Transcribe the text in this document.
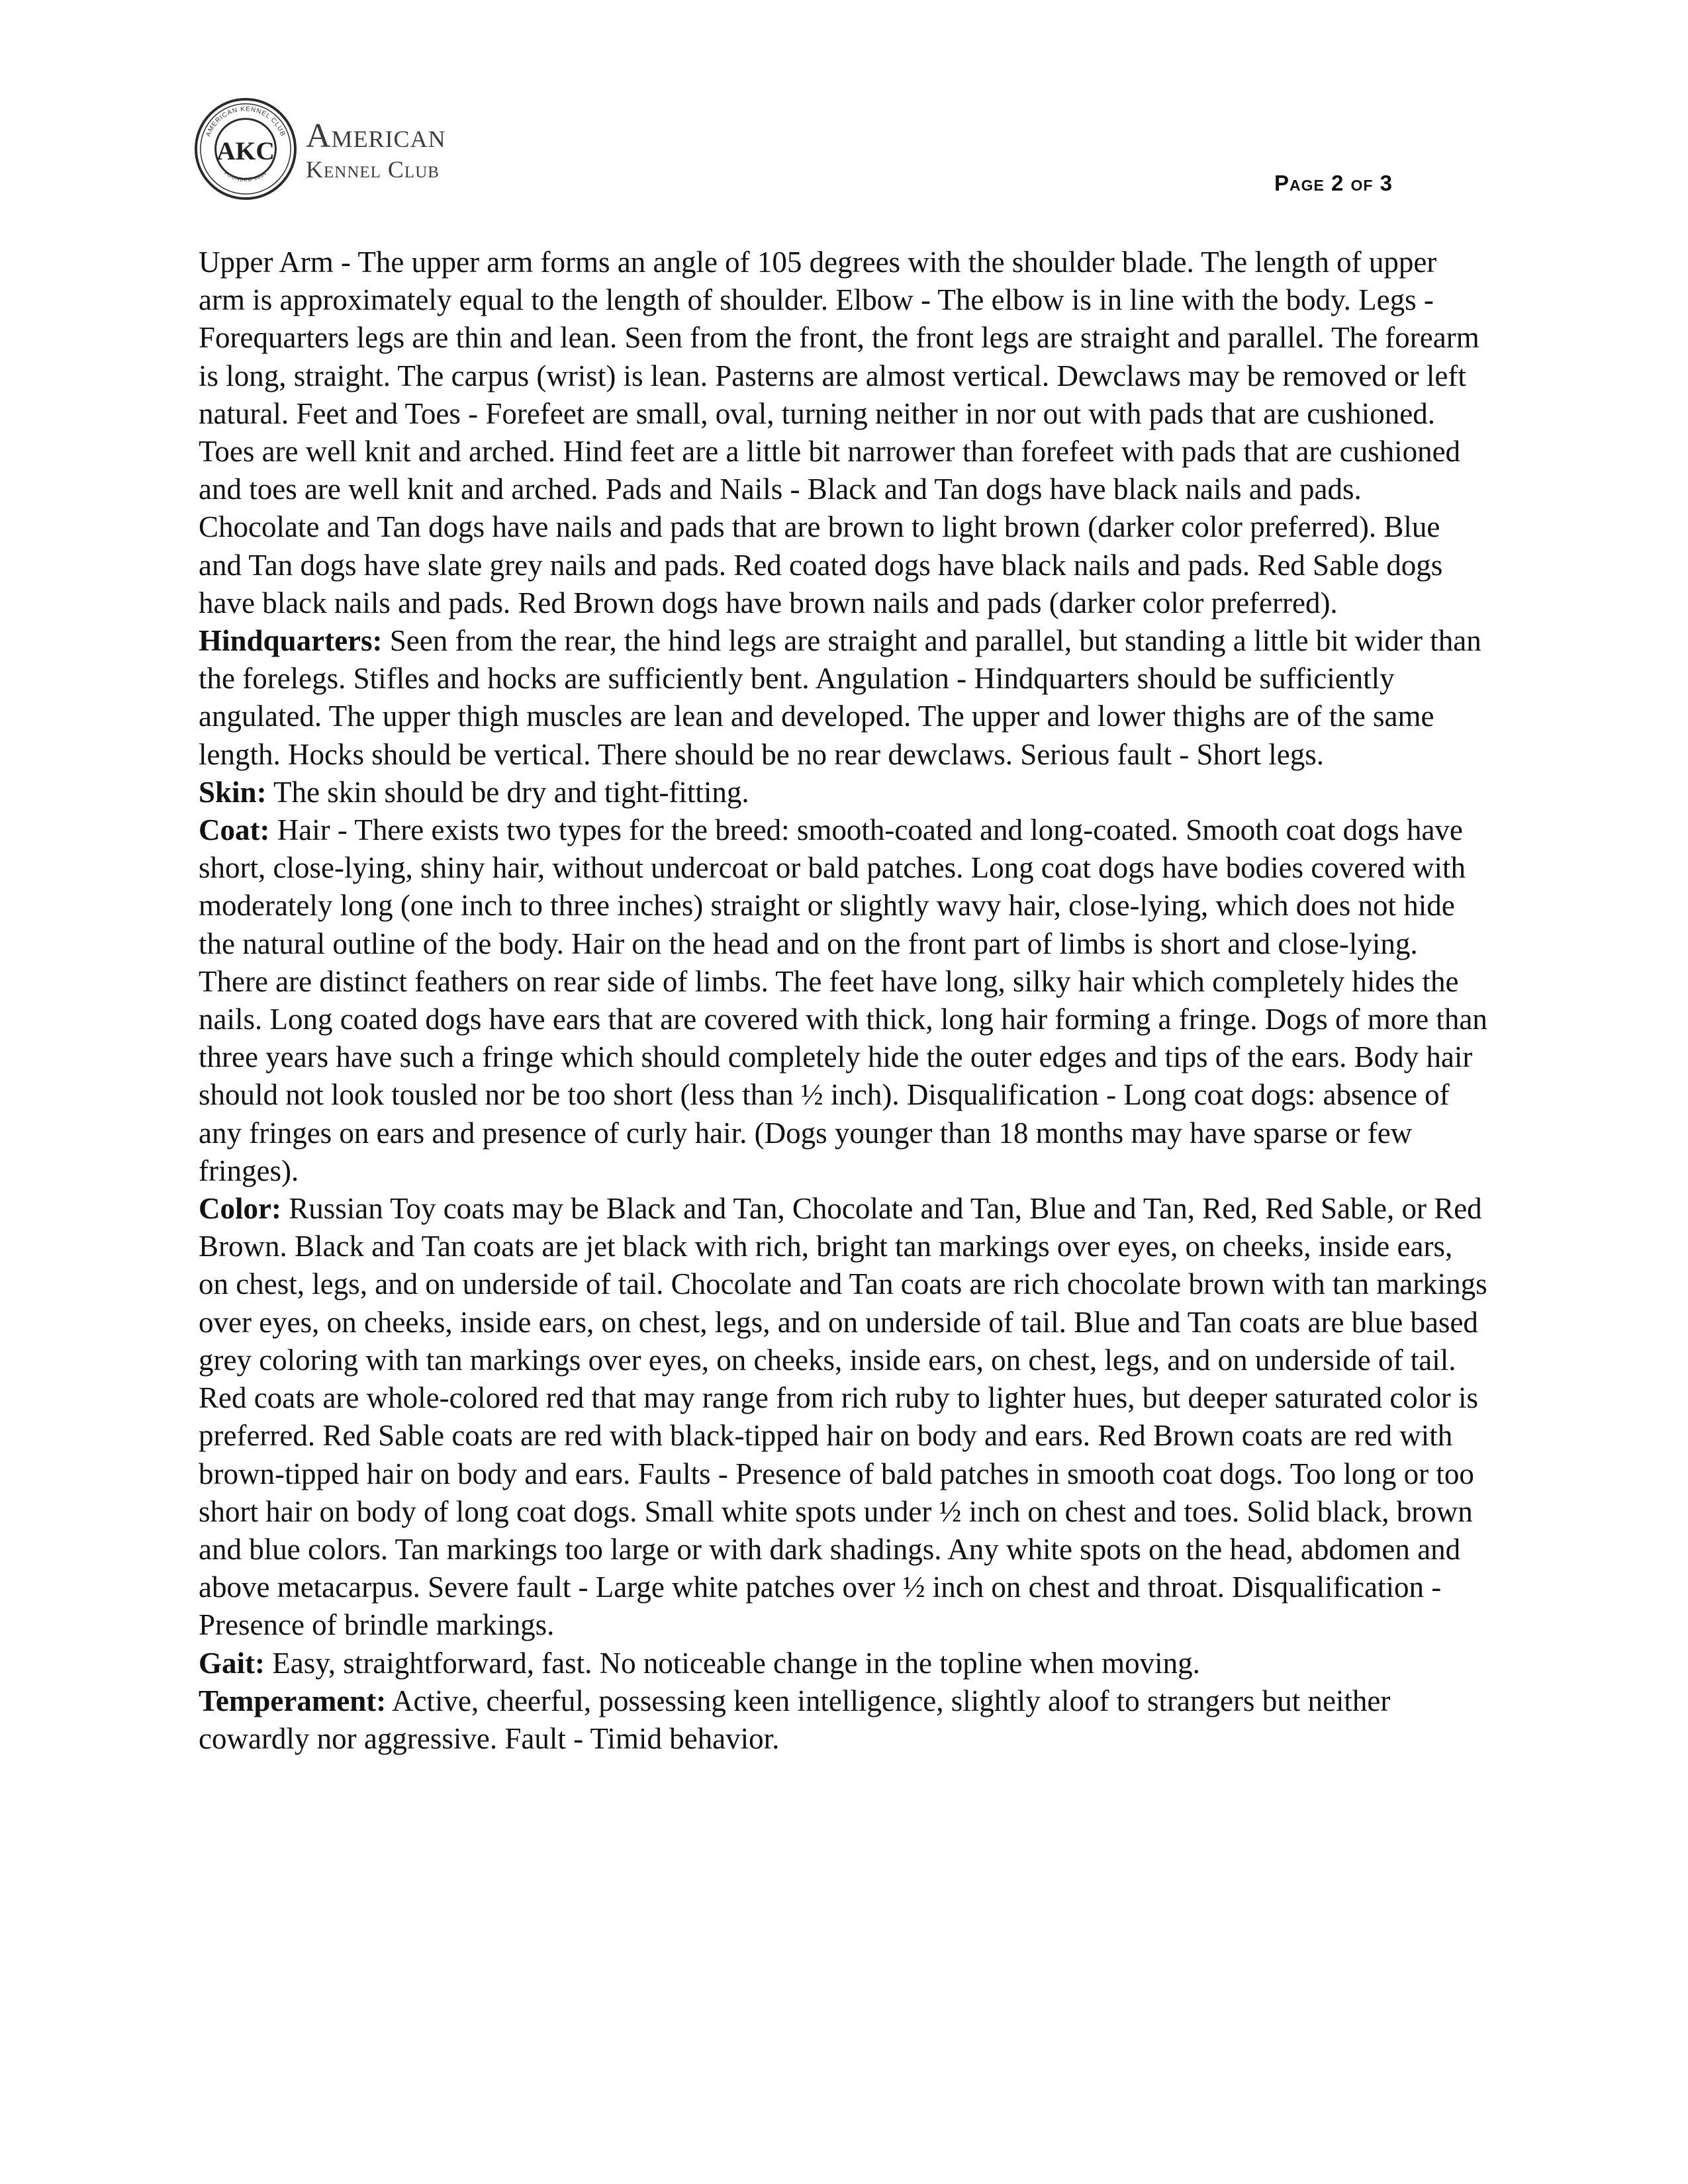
AMERICAN KENNEL CLUB
FOUNDED 1884
AKC American
Kennel Club
Page 2 of 3

Upper Arm - The upper arm forms an angle of 105 degrees with the shoulder blade. The length of upper arm is approximately equal to the length of shoulder. Elbow - The elbow is in line with the body. Legs - Forequarters legs are thin and lean. Seen from the front, the front legs are straight and parallel. The forearm is long, straight. The carpus (wrist) is lean. Pasterns are almost vertical. Dewclaws may be removed or left natural. Feet and Toes - Forefeet are small, oval, turning neither in nor out with pads that are cushioned. Toes are well knit and arched. Hind feet are a little bit narrower than forefeet with pads that are cushioned and toes are well knit and arched. Pads and Nails - Black and Tan dogs have black nails and pads. Chocolate and Tan dogs have nails and pads that are brown to light brown (darker color preferred). Blue and Tan dogs have slate grey nails and pads. Red coated dogs have black nails and pads. Red Sable dogs have black nails and pads. Red Brown dogs have brown nails and pads (darker color preferred).

Hindquarters: Seen from the rear, the hind legs are straight and parallel, but standing a little bit wider than the forelegs. Stifles and hocks are sufficiently bent. Angulation - Hindquarters should be sufficiently angulated. The upper thigh muscles are lean and developed. The upper and lower thighs are of the same length. Hocks should be vertical. There should be no rear dewclaws. Serious fault - Short legs.

Skin: The skin should be dry and tight-fitting.

Coat: Hair - There exists two types for the breed: smooth-coated and long-coated. Smooth coat dogs have short, close-lying, shiny hair, without undercoat or bald patches. Long coat dogs have bodies covered with moderately long (one inch to three inches) straight or slightly wavy hair, close-lying, which does not hide the natural outline of the body. Hair on the head and on the front part of limbs is short and close-lying. There are distinct feathers on rear side of limbs. The feet have long, silky hair which completely hides the nails. Long coated dogs have ears that are covered with thick, long hair forming a fringe. Dogs of more than three years have such a fringe which should completely hide the outer edges and tips of the ears. Body hair should not look tousled nor be too short (less than ½ inch). Disqualification - Long coat dogs: absence of any fringes on ears and presence of curly hair. (Dogs younger than 18 months may have sparse or few fringes).

Color: Russian Toy coats may be Black and Tan, Chocolate and Tan, Blue and Tan, Red, Red Sable, or Red Brown. Black and Tan coats are jet black with rich, bright tan markings over eyes, on cheeks, inside ears, on chest, legs, and on underside of tail. Chocolate and Tan coats are rich chocolate brown with tan markings over eyes, on cheeks, inside ears, on chest, legs, and on underside of tail. Blue and Tan coats are blue based grey coloring with tan markings over eyes, on cheeks, inside ears, on chest, legs, and on underside of tail. Red coats are whole-colored red that may range from rich ruby to lighter hues, but deeper saturated color is preferred. Red Sable coats are red with black-tipped hair on body and ears. Red Brown coats are red with brown-tipped hair on body and ears. Faults - Presence of bald patches in smooth coat dogs. Too long or too short hair on body of long coat dogs. Small white spots under ½ inch on chest and toes. Solid black, brown and blue colors. Tan markings too large or with dark shadings. Any white spots on the head, abdomen and above metacarpus. Severe fault - Large white patches over ½ inch on chest and throat. Disqualification - Presence of brindle markings.

Gait: Easy, straightforward, fast. No noticeable change in the topline when moving.

Temperament: Active, cheerful, possessing keen intelligence, slightly aloof to strangers but neither cowardly nor aggressive. Fault - Timid behavior.
